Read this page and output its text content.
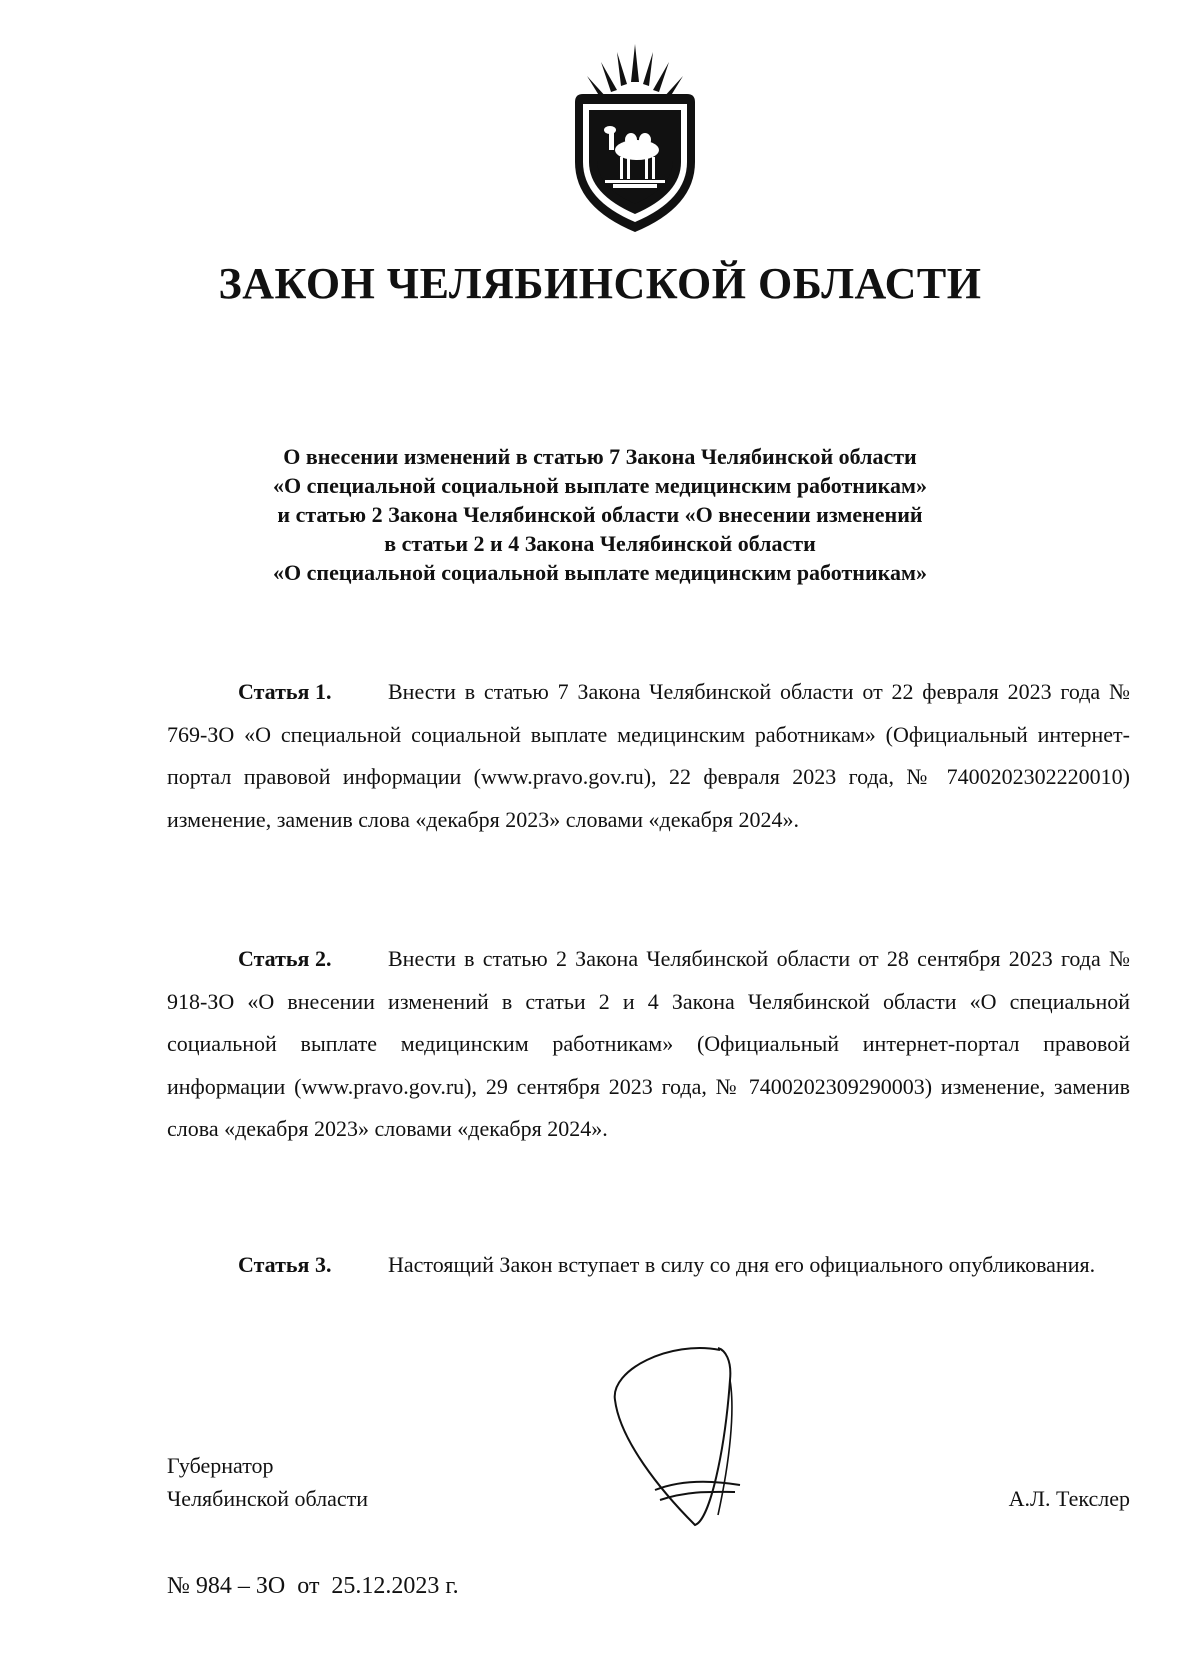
ЗАКОН ЧЕЛЯБИНСКОЙ ОБЛАСТИ
О внесении изменений в статью 7 Закона Челябинской области
«О специальной социальной выплате медицинским работникам»
и статью 2 Закона Челябинской области «О внесении изменений
в статьи 2 и 4 Закона Челябинской области
«О специальной социальной выплате медицинским работникам»

Статья 1.	Внести в статью 7 Закона Челябинской области от 22 февраля 2023 года № 769-ЗО «О специальной социальной выплате медицинским работникам» (Официальный интернет-портал правовой информации (www.pravo.gov.ru), 22 февраля 2023 года, № 7400202302220010) изменение, заменив слова «декабря 2023» словами «декабря 2024».

Статья 2.	Внести в статью 2 Закона Челябинской области от 28 сентября 2023 года № 918-ЗО «О внесении изменений в статьи 2 и 4 Закона Челябинской области «О специальной социальной выплате медицинским работникам» (Официальный интернет-портал правовой информации (www.pravo.gov.ru), 29 сентября 2023 года, № 7400202309290003) изменение, заменив слова «декабря 2023» словами «декабря 2024».

Статья 3.	Настоящий Закон вступает в силу со дня его официального опубликования.

Губернатор
Челябинской области	А.Л. Текслер
№ 984 – ЗО  от  25.12.2023 г.
